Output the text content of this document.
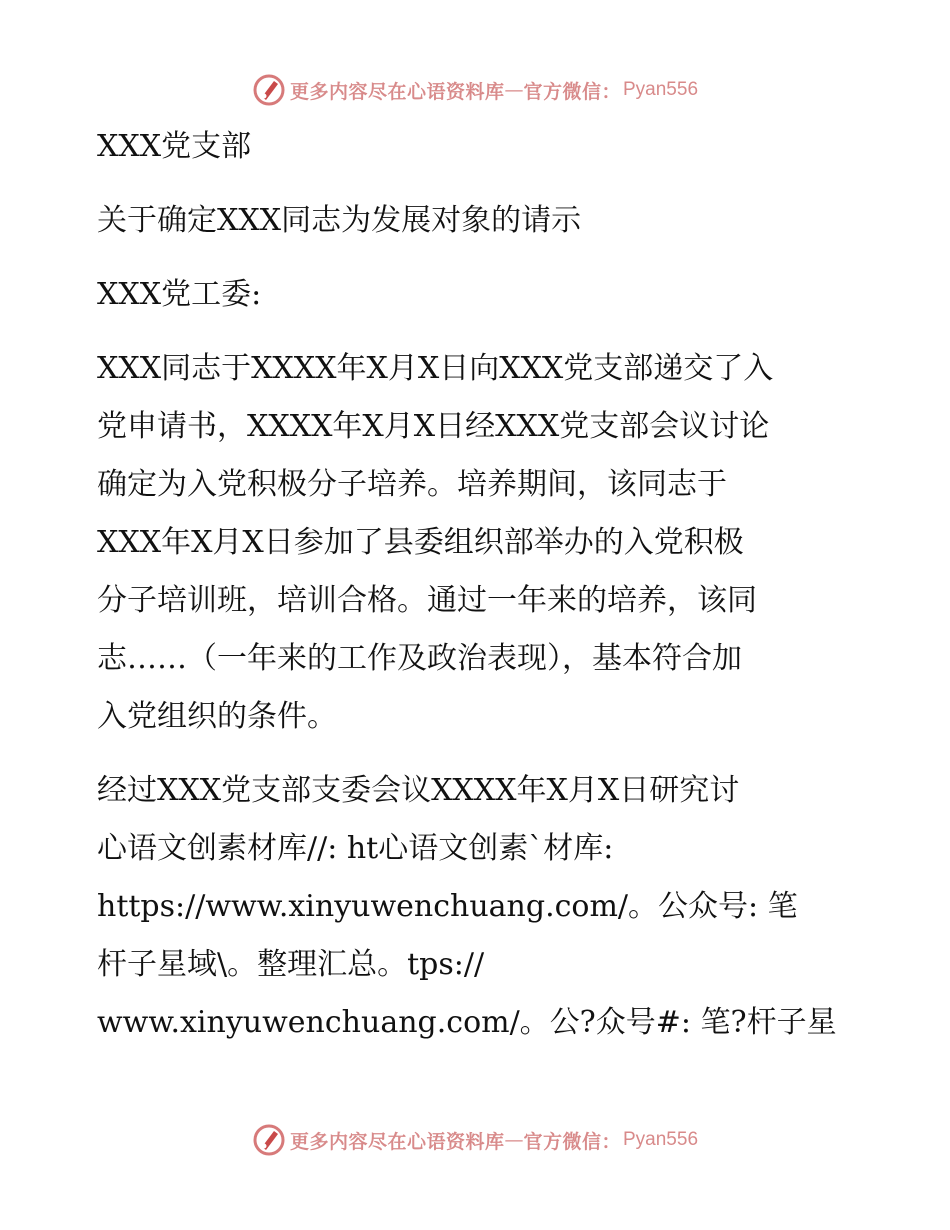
更多内容尽在心语资料库 — 官方微信： Pyan556
XXX党支部
关于确定XXX同志为发展对象的请示
XXX党工委:
XXX同志于XXXX年X月X日向XXX党支部递交了入
党申请书，XXXX年X月X日经XXX党支部会议讨论
确定为入党积极分子培养。培养期间，该同志于
XXX年X月X日参加了县委组织部举办的入党积极
分子培训班，培训合格。通过一年来的培养，该同
志……（一年来的工作及政治表现），基本符合加
入党组织的条件。
经过XXX党支部支委会议XXXX年X月X日研究讨
心语文创素材库//: ht心语文创素`材库:
https://www.xinyuwenchuang.com/。公众号: 笔
杆子星域\。整理汇总。tps://
www.xinyuwenchuang.com/。公?众号#: 笔?杆子星
更多内容尽在心语资料库 — 官方微信： Pyan556
